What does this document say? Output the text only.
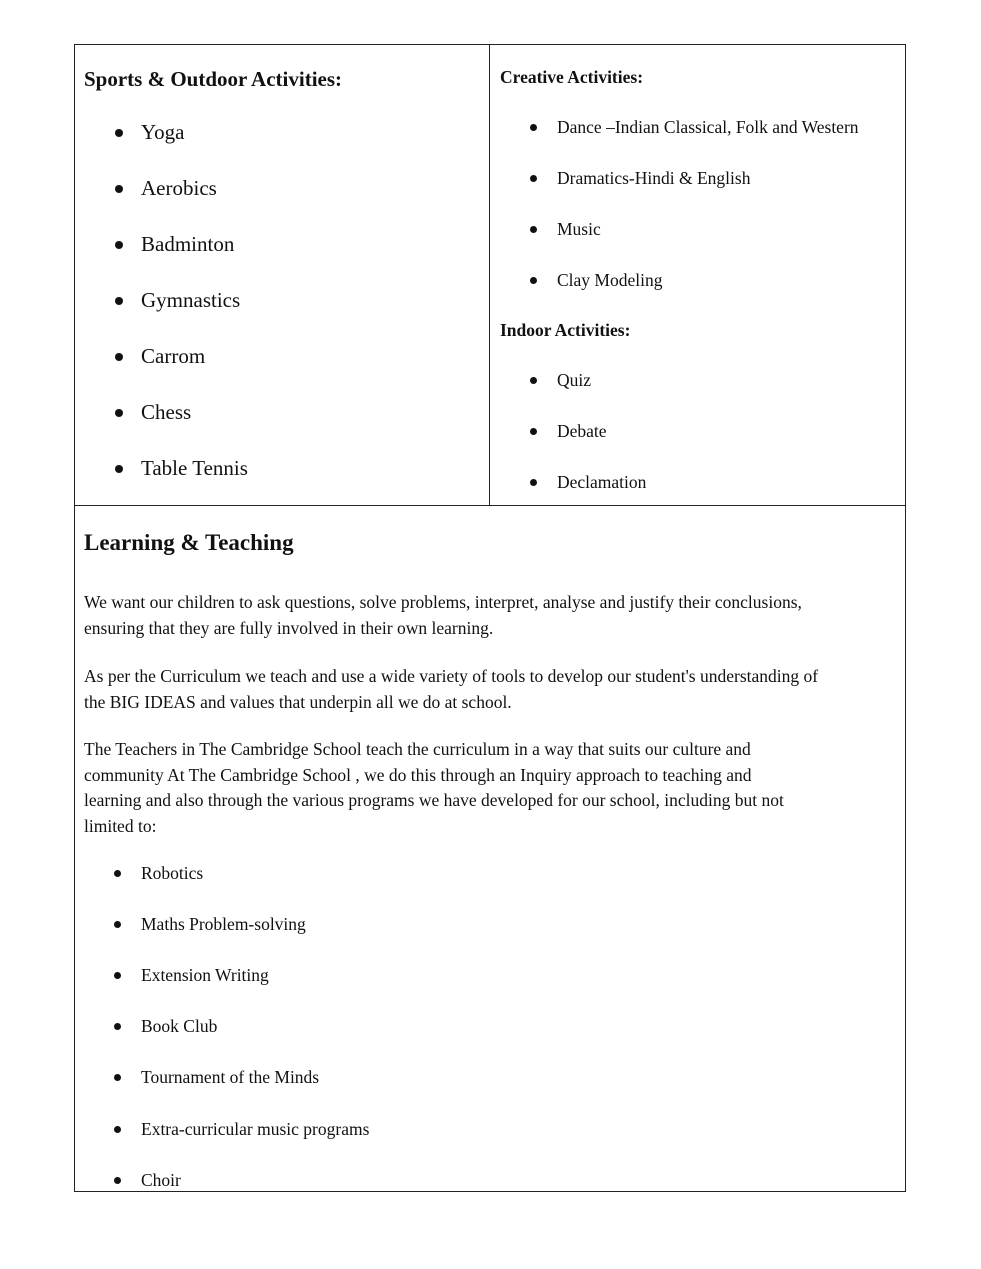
Sports & Outdoor Activities:
Yoga
Aerobics
Badminton
Gymnastics
Carrom
Chess
Table Tennis
Creative Activities:
Dance –Indian Classical, Folk and Western
Dramatics-Hindi & English
Music
Clay Modeling
Indoor Activities:
Quiz
Debate
Declamation
Learning & Teaching
We want our children to ask questions, solve problems, interpret, analyse and justify their conclusions,
ensuring that they are fully involved in their own learning.
As per the Curriculum we teach and use a wide variety of tools to develop our student's understanding of
the BIG IDEAS and values that underpin all we do at school.
The Teachers in The Cambridge School teach the curriculum in a way that suits our culture and
community At The Cambridge School , we do this through an Inquiry approach to teaching and
learning and also through the various programs we have developed for our school, including but not
limited to:
Robotics
Maths Problem-solving
Extension Writing
Book Club
Tournament of the Minds
Extra-curricular music programs
Choir
